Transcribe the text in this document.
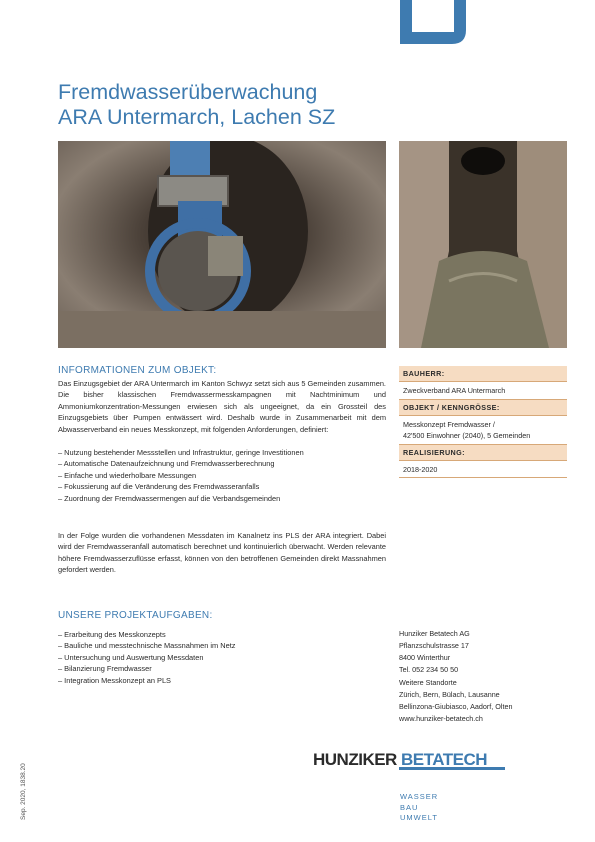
Fremdwasserüberwachung
ARA Untermarch, Lachen SZ
INFORMATIONEN ZUM OBJEKT:
Das Einzugsgebiet der ARA Untermarch im Kanton Schwyz setzt sich aus 5 Gemeinden zusammen. Die bisher klassischen Fremdwassermesskampagnen mit Nachtminimum und Ammoniumkonzentration-Messungen erwiesen sich als ungeeignet, da ein Grossteil des Einzugsgebiets über Pumpen entwässert wird. Deshalb wurde in Zusammenarbeit mit dem Abwasserverband ein neues Messkonzept, mit folgenden Anforderungen, definiert:
– Nutzung bestehender Messstellen und Infrastruktur, geringe Investitionen
– Automatische Datenaufzeichnung und Fremdwasserberechnung
– Einfache und wiederholbare Messungen
– Fokussierung auf die Veränderung des Fremdwasseranfalls
– Zuordnung der Fremdwassermengen auf die Verbandsgemeinden
In der Folge wurden die vorhandenen Messdaten im Kanalnetz ins PLS der ARA integriert. Dabei wird der Fremdwasseranfall automatisch berechnet und kontinuierlich überwacht. Werden relevante höhere Fremdwasserzuflüsse erfasst, können von den betroffenen Gemeinden direkt Massnahmen gefordert werden.
UNSERE PROJEKTAUFGABEN:
– Erarbeitung des Messkonzepts
– Bauliche und messtechnische Massnahmen im Netz
– Untersuchung und Auswertung Messdaten
– Bilanzierung Fremdwasser
– Integration Messkonzept an PLS
BAUHERR:
Zweckverband ARA Untermarch
OBJEKT / KENNGRÖSSE:
Messkonzept Fremdwasser /
42'500 Einwohner (2040), 5 Gemeinden
REALISIERUNG:
2018-2020
Hunziker Betatech AG
Pflanzschulstrasse 17
8400 Winterthur
Tel. 052 234 50 50
Weitere Standorte
Zürich, Bern, Bülach, Lausanne
Bellinzona-Giubiasco, Aadorf, Olten
www.hunziker-betatech.ch
HUNZIKER BETATECH
WASSER
BAU
UMWELT
Sep. 2020, 1838.20
